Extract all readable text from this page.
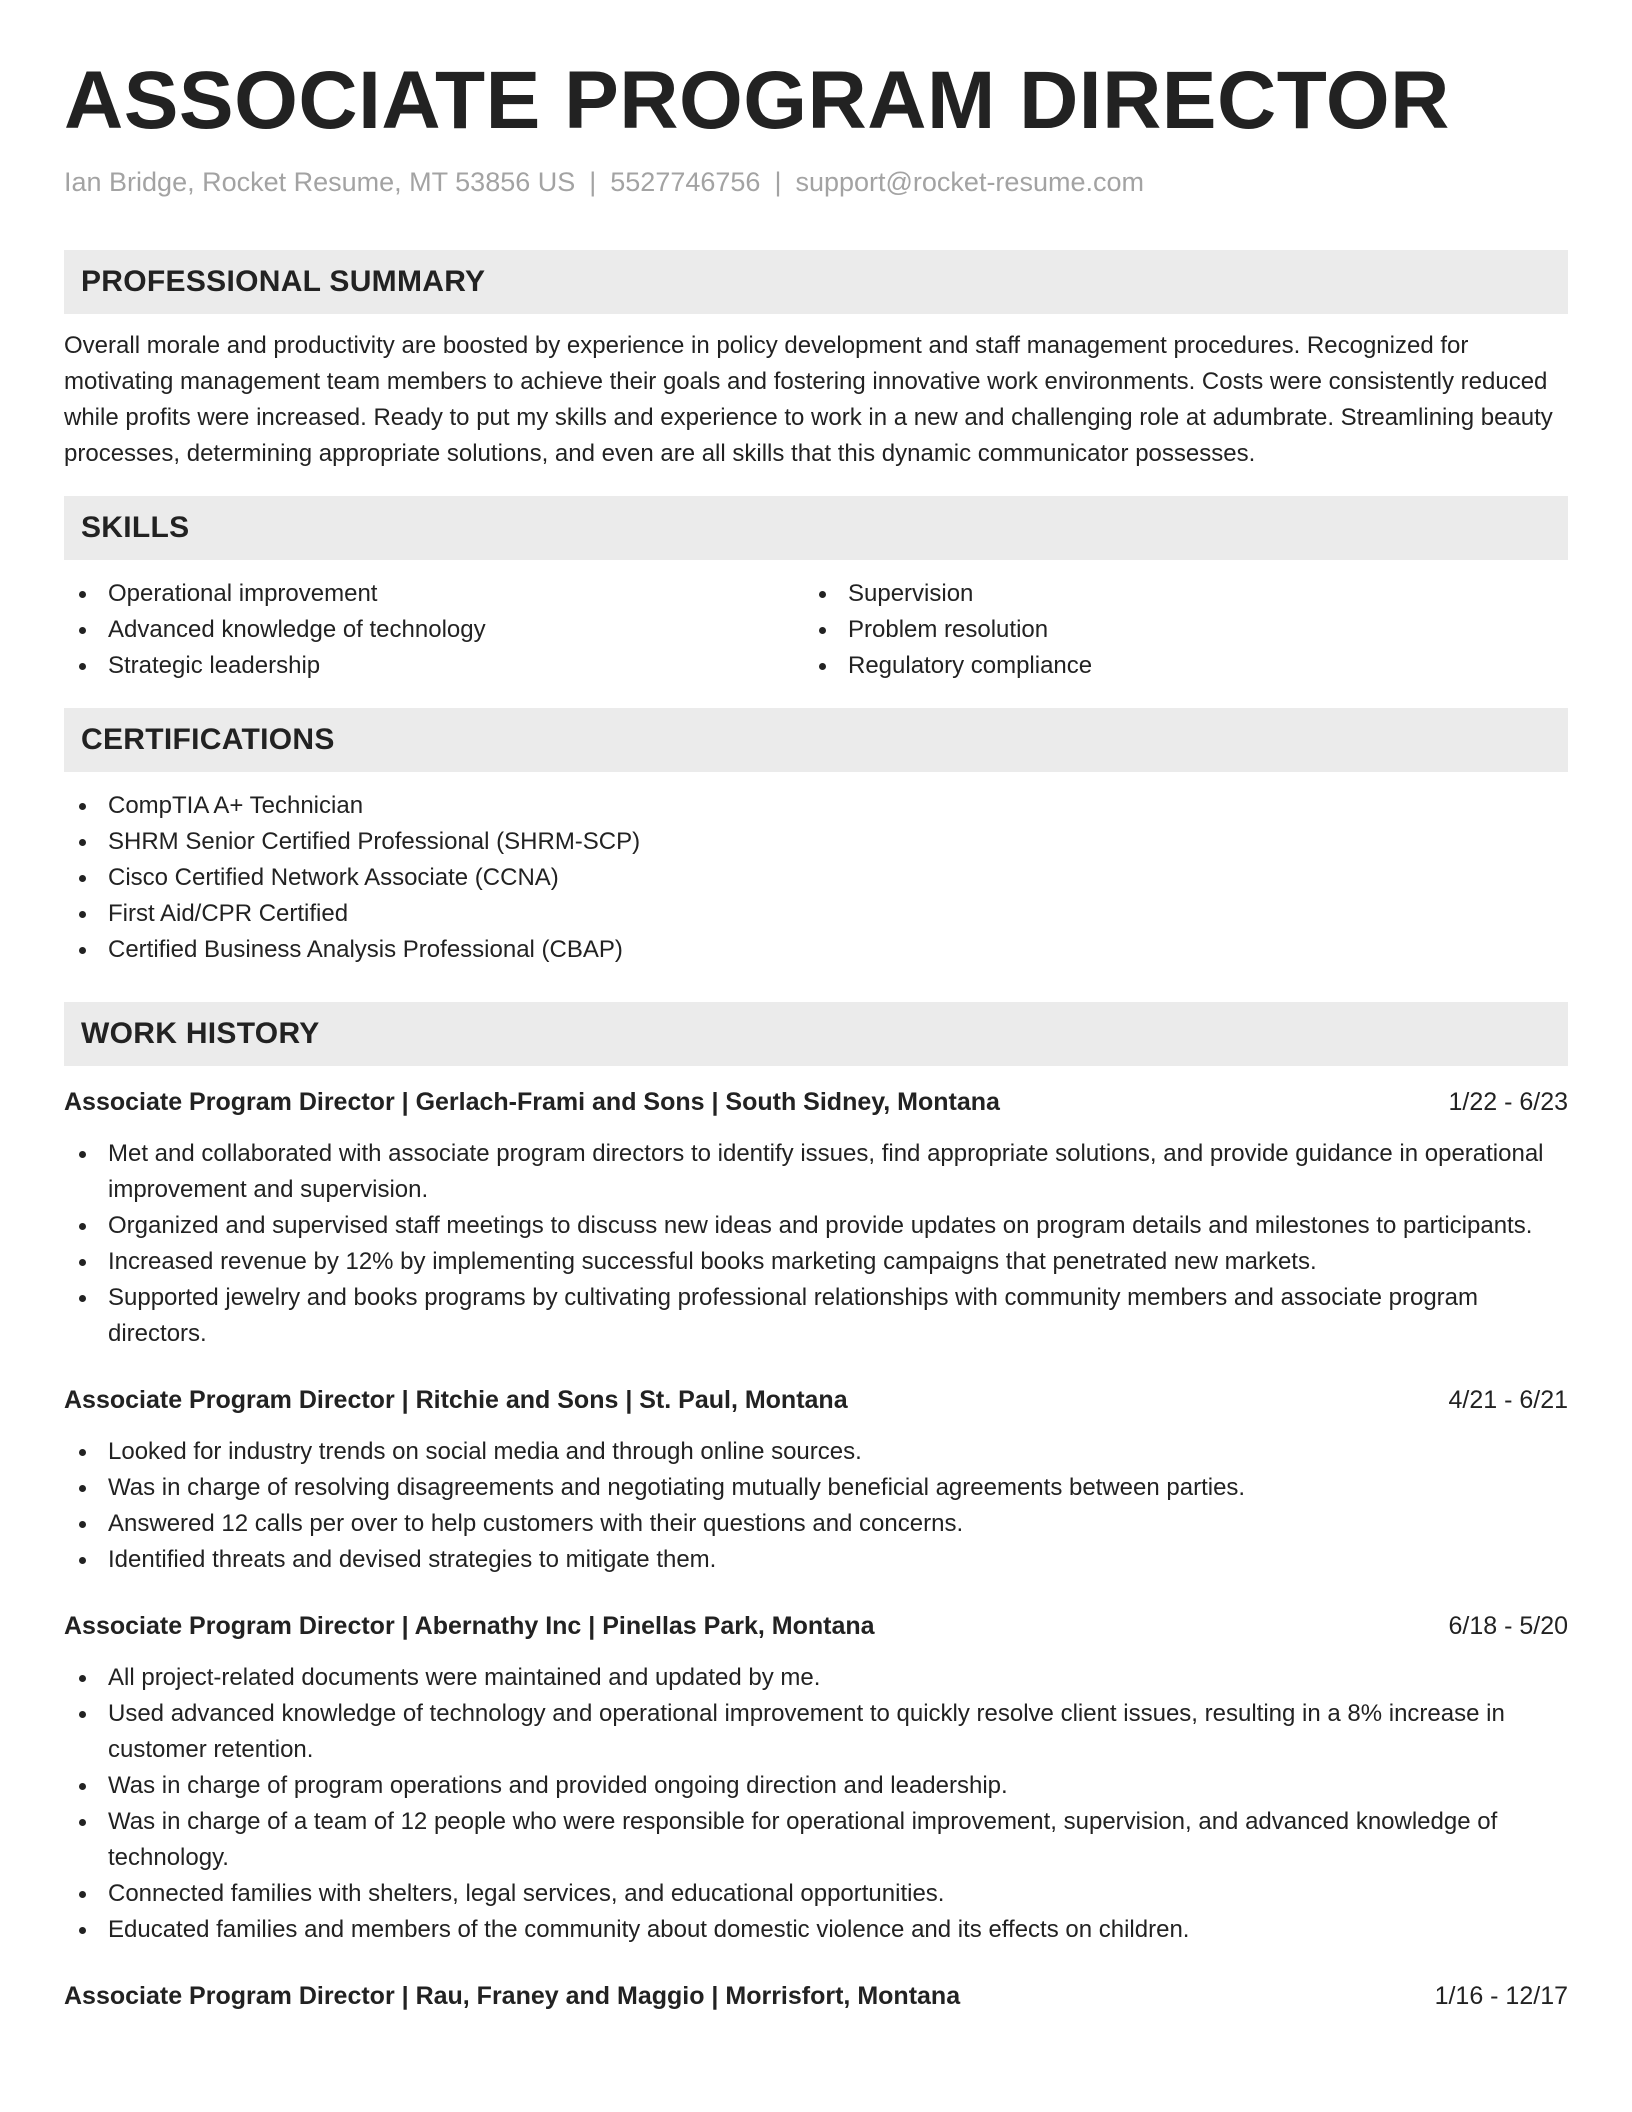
ASSOCIATE PROGRAM DIRECTOR
Ian Bridge, Rocket Resume, MT 53856 US | 5527746756 | support@rocket-resume.com
PROFESSIONAL SUMMARY

Overall morale and productivity are boosted by experience in policy development and staff management procedures. Recognized for motivating management team members to achieve their goals and fostering innovative work environments. Costs were consistently reduced while profits were increased. Ready to put my skills and experience to work in a new and challenging role at adumbrate. Streamlining beauty processes, determining appropriate solutions, and even are all skills that this dynamic communicator possesses.

SKILLS
Operational improvement
Advanced knowledge of technology
Strategic leadership
Supervision
Problem resolution
Regulatory compliance
CERTIFICATIONS
CompTIA A+ Technician
SHRM Senior Certified Professional (SHRM-SCP)
Cisco Certified Network Associate (CCNA)
First Aid/CPR Certified
Certified Business Analysis Professional (CBAP)
WORK HISTORY
Associate Program Director | Gerlach-Frami and Sons | South Sidney, Montana	1/22 - 6/23
Met and collaborated with associate program directors to identify issues, find appropriate solutions, and provide guidance in operational improvement and supervision.
Organized and supervised staff meetings to discuss new ideas and provide updates on program details and milestones to participants.
Increased revenue by 12% by implementing successful books marketing campaigns that penetrated new markets.
Supported jewelry and books programs by cultivating professional relationships with community members and associate program directors.
Associate Program Director | Ritchie and Sons | St. Paul, Montana	4/21 - 6/21
Looked for industry trends on social media and through online sources.
Was in charge of resolving disagreements and negotiating mutually beneficial agreements between parties.
Answered 12 calls per over to help customers with their questions and concerns.
Identified threats and devised strategies to mitigate them.
Associate Program Director | Abernathy Inc | Pinellas Park, Montana	6/18 - 5/20
All project-related documents were maintained and updated by me.
Used advanced knowledge of technology and operational improvement to quickly resolve client issues, resulting in a 8% increase in customer retention.
Was in charge of program operations and provided ongoing direction and leadership.
Was in charge of a team of 12 people who were responsible for operational improvement, supervision, and advanced knowledge of technology.
Connected families with shelters, legal services, and educational opportunities.
Educated families and members of the community about domestic violence and its effects on children.
Associate Program Director | Rau, Franey and Maggio | Morrisfort, Montana	1/16 - 12/17
